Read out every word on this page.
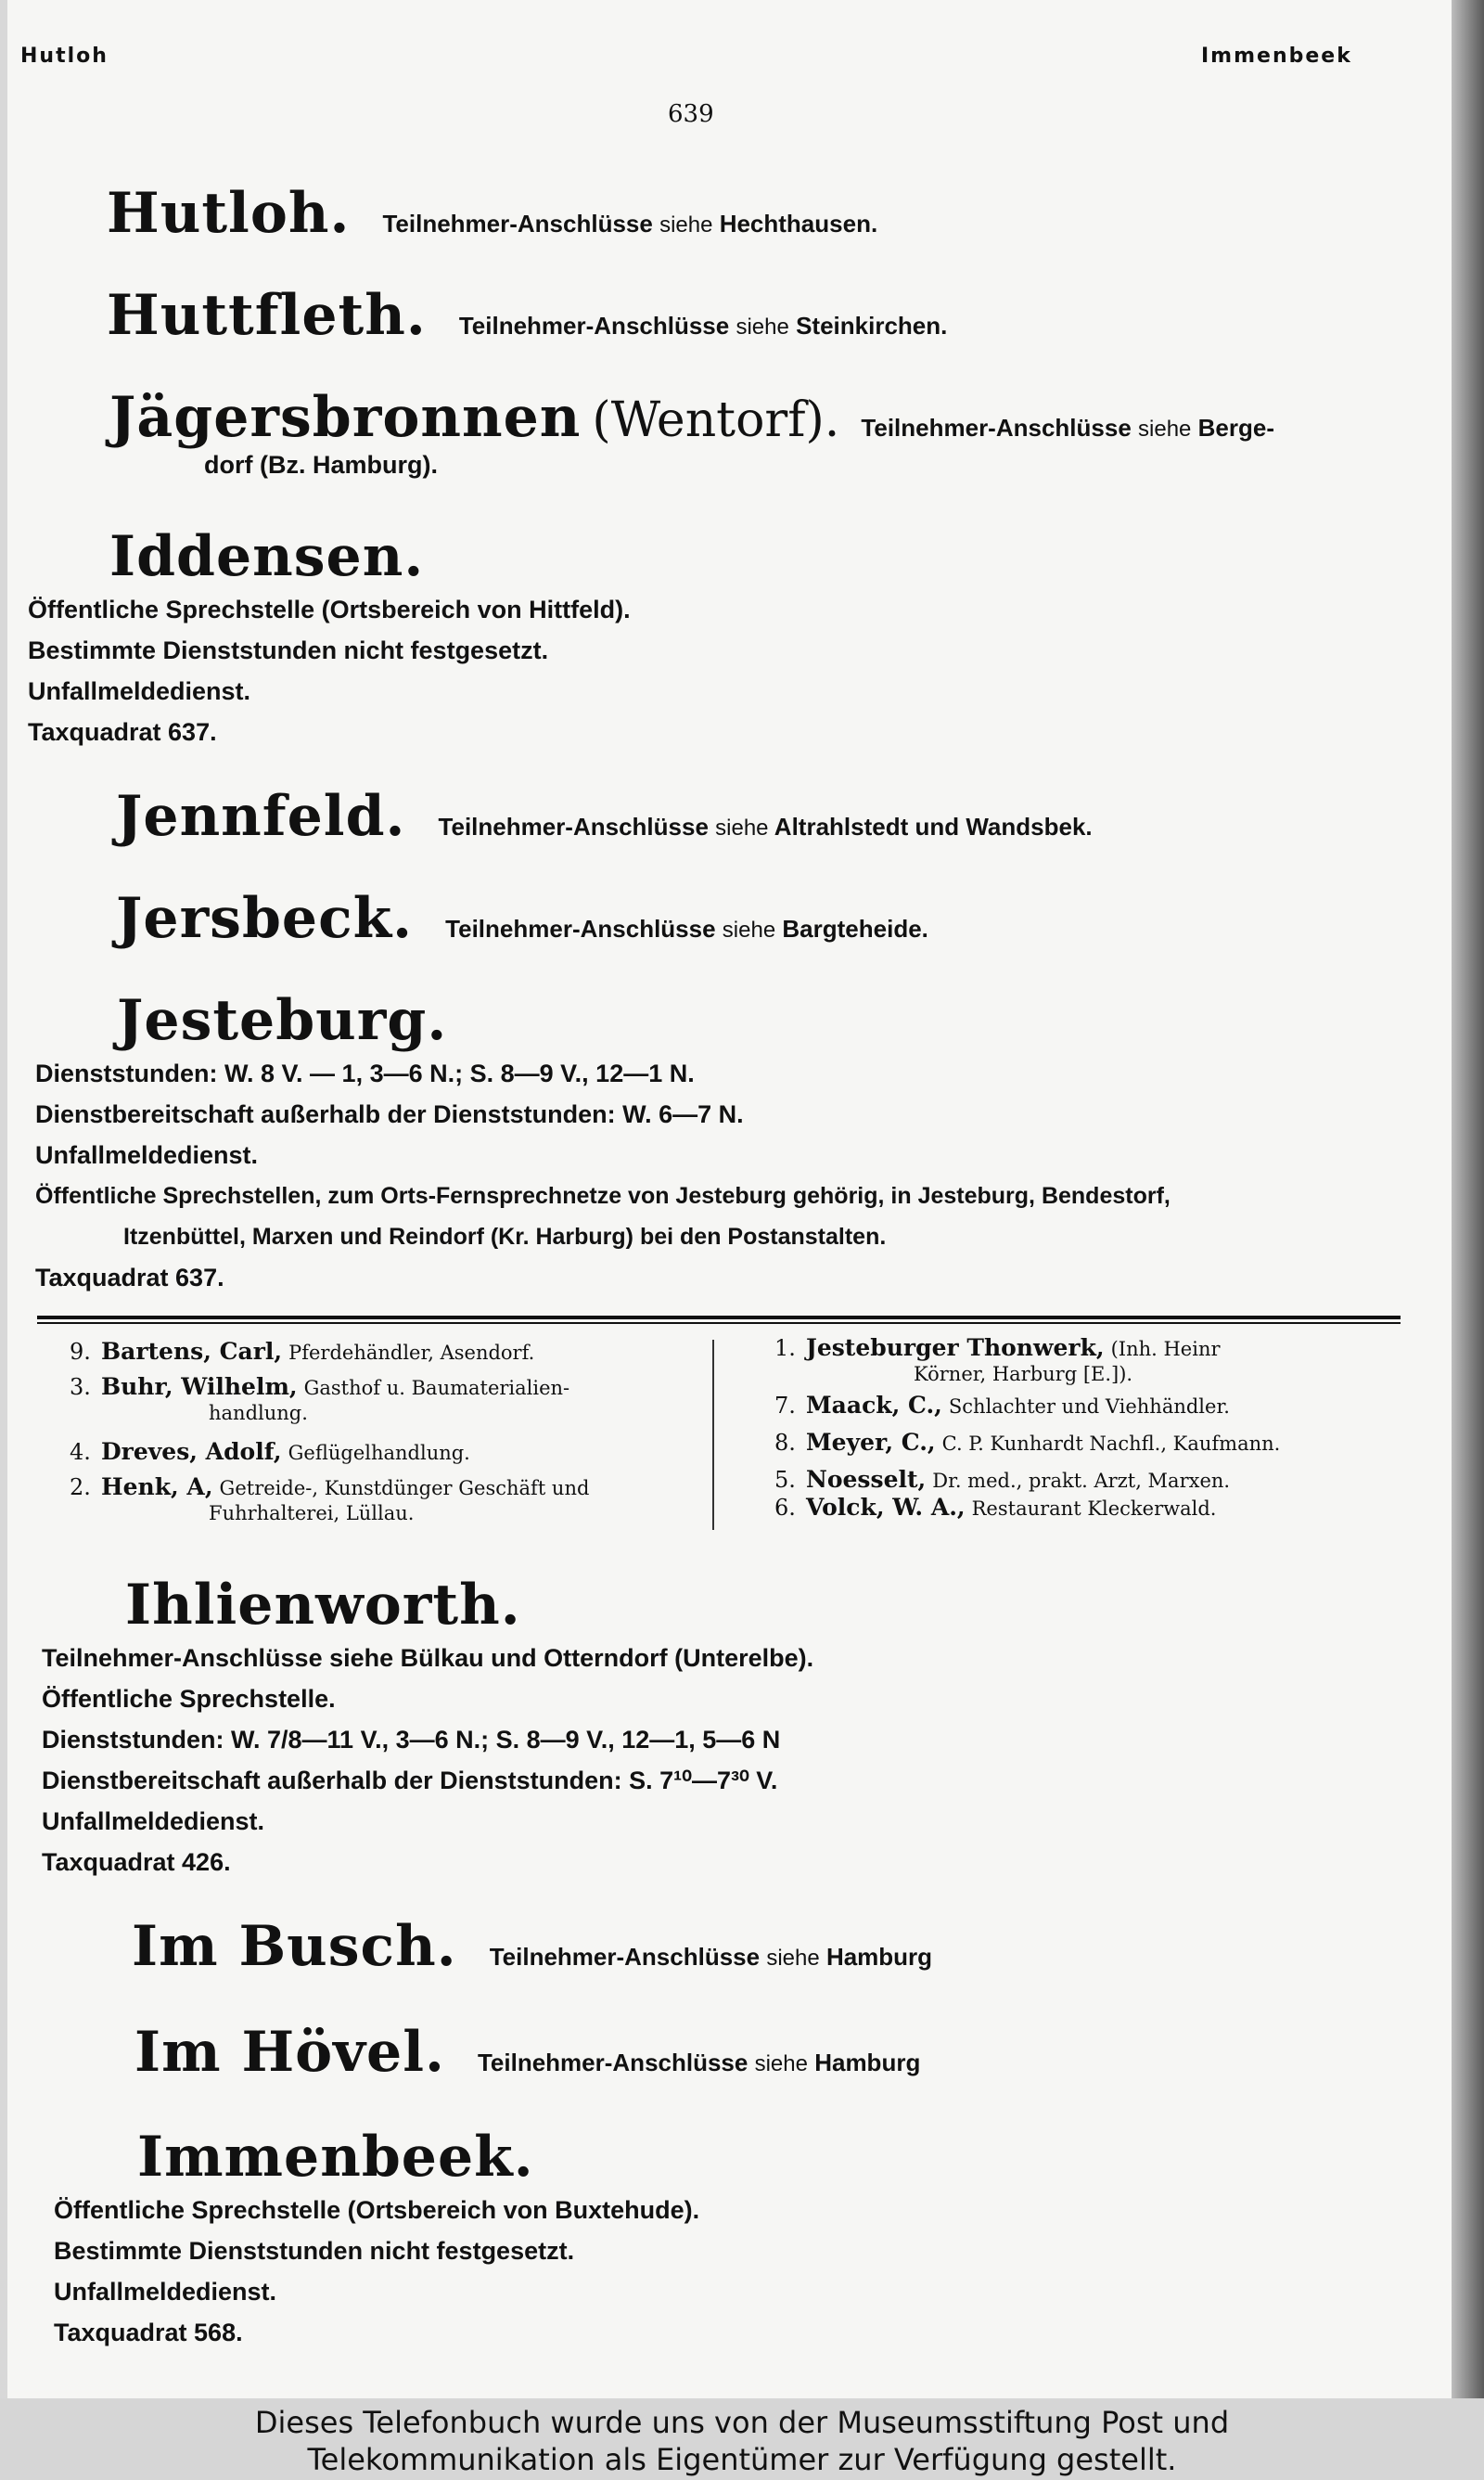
Hutloh	Immenbeek
639
Hutloh. Teilnehmer-Anschlüsse siehe Hechthausen.
Huttfleth. Teilnehmer-Anschlüsse siehe Steinkirchen.
Jägersbronnen (Wentorf). Teilnehmer-Anschlüsse siehe Berge-
dorf (Bz. Hamburg).
Iddensen.
Öffentliche Sprechstelle (Ortsbereich von Hittfeld).
Bestimmte Dienststunden nicht festgesetzt.
Unfallmeldedienst.
Taxquadrat 637.
Jennfeld. Teilnehmer-Anschlüsse siehe Altrahlstedt und Wandsbek.
Jersbeck. Teilnehmer-Anschlüsse siehe Bargteheide.
Jesteburg.
Dienststunden: W. 8 V. — 1, 3—6 N.; S. 8—9 V., 12—1 N.
Dienstbereitschaft außerhalb der Dienststunden: W. 6—7 N.
Unfallmeldedienst.
Öffentliche Sprechstellen, zum Orts-Fernsprechnetze von Jesteburg gehörig, in Jesteburg, Bendestorf,
Itzenbüttel, Marxen und Reindorf (Kr. Harburg) bei den Postanstalten.
Taxquadrat 637.
9. Bartens, Carl, Pferdehändler, Asendorf.
3. Buhr, Wilhelm, Gasthof u. Baumaterialien-
handlung.
4. Dreves, Adolf, Geflügelhandlung.
2. Henk, A, Getreide-, Kunstdünger Geschäft und
Fuhrhalterei, Lüllau.
1. Jesteburger Thonwerk, (Inh. Heinr
Körner, Harburg [E.]).
7. Maack, C., Schlachter und Viehhändler.
8. Meyer, C., C. P. Kunhardt Nachfl., Kaufmann.
5. Noesselt, Dr. med., prakt. Arzt, Marxen.
6. Volck, W. A., Restaurant Kleckerwald.
Ihlienworth.
Teilnehmer-Anschlüsse siehe Bülkau und Otterndorf (Unterelbe).
Öffentliche Sprechstelle.
Dienststunden: W. 7/8—11 V., 3—6 N.; S. 8—9 V., 12—1, 5—6 N
Dienstbereitschaft außerhalb der Dienststunden: S. 7¹⁰—7³⁰ V.
Unfallmeldedienst.
Taxquadrat 426.
Im Busch. Teilnehmer-Anschlüsse siehe Hamburg
Im Hövel. Teilnehmer-Anschlüsse siehe Hamburg
Immenbeek.
Öffentliche Sprechstelle (Ortsbereich von Buxtehude).
Bestimmte Dienststunden nicht festgesetzt.
Unfallmeldedienst.
Taxquadrat 568.
Dieses Telefonbuch wurde uns von der Museumsstiftung Post und
Telekommunikation als Eigentümer zur Verfügung gestellt.
